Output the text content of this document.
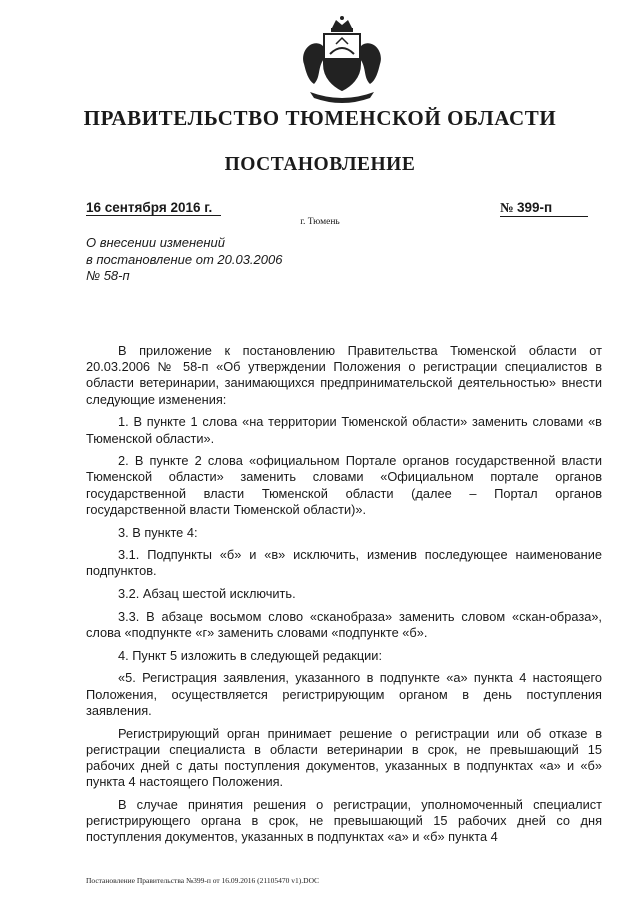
ПРАВИТЕЛЬСТВО ТЮМЕНСКОЙ ОБЛАСТИ
ПОСТАНОВЛЕНИЕ
16 сентября 2016 г.	№ 399-п
г. Тюмень
О внесении изменений
в постановление от 20.03.2006
№ 58-п

В приложение к постановлению Правительства Тюменской области от 20.03.2006 № 58-п «Об утверждении Положения о регистрации специалистов в области ветеринарии, занимающихся предпринимательской деятельностью» внести следующие изменения:

1. В пункте 1 слова «на территории Тюменской области» заменить словами «в Тюменской области».

2. В пункте 2 слова «официальном Портале органов государственной власти Тюменской области» заменить словами «Официальном портале органов государственной власти Тюменской области (далее – Портал органов государственной власти Тюменской области)».

3. В пункте 4:

3.1. Подпункты «б» и «в» исключить, изменив последующее наименование подпунктов.

3.2. Абзац шестой исключить.

3.3. В абзаце восьмом слово «сканобраза» заменить словом «скан-образа», слова «подпункте «г» заменить словами «подпункте «б».

4. Пункт 5 изложить в следующей редакции:

«5. Регистрация заявления, указанного в подпункте «а» пункта 4 настоящего Положения, осуществляется регистрирующим органом в день поступления заявления.

Регистрирующий орган принимает решение о регистрации или об отказе в регистрации специалиста в области ветеринарии в срок, не превышающий 15 рабочих дней с даты поступления документов, указанных в подпунктах «а» и «б» пункта 4 настоящего Положения.

В случае принятия решения о регистрации, уполномоченный специалист регистрирующего органа в срок, не превышающий 15 рабочих дней со дня поступления документов, указанных в подпунктах «а» и «б» пункта 4

Постановление Правительства №399-п от 16.09.2016 (21105470 v1).DOC
